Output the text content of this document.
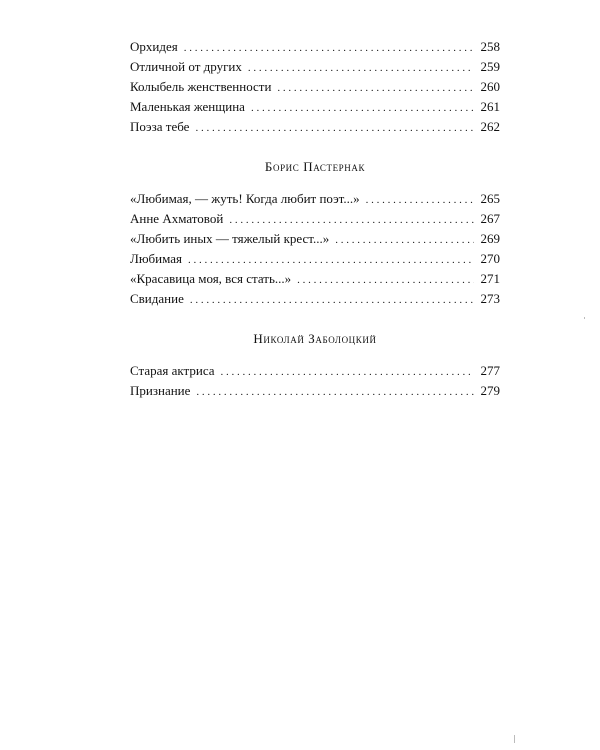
Орхидея . . .	258
Отличной от других . . .	259
Колыбель женственности . . .	260
Маленькая женщина . . .	261
Поэза тебе . . .	262
Борис Пастернак
«Любимая, — жуть! Когда любит поэт...» . . .	265
Анне Ахматовой . . .	267
«Любить иных — тяжелый крест...» . . .	269
Любимая . . .	270
«Красавица моя, вся стать...» . . .	271
Свидание . . .	273
Николай Заболоцкий
Старая актриса . . .	277
Признание . . .	279
